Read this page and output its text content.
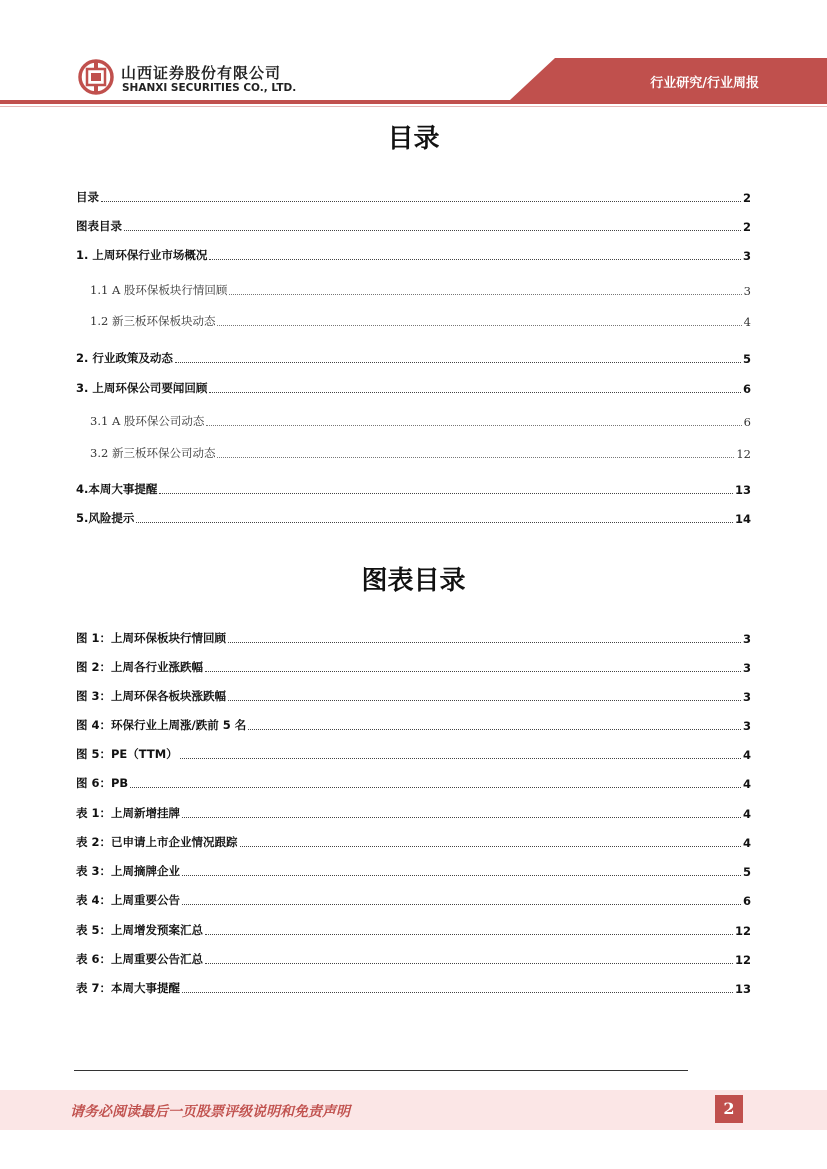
山西证券股份有限公司
SHANXI SECURITIES CO., LTD.	行业研究/行业周报
目录
目录	2
图表目录	2
1. 上周环保行业市场概况	3
1.1 A 股环保板块行情回顾	3
1.2 新三板环保板块动态	4
2. 行业政策及动态	5
3. 上周环保公司要闻回顾	6
3.1 A 股环保公司动态	6
3.2 新三板环保公司动态	12
4.本周大事提醒	13
5.风险提示	14
图表目录
图 1：上周环保板块行情回顾	3
图 2：上周各行业涨跌幅	3
图 3：上周环保各板块涨跌幅	3
图 4：环保行业上周涨/跌前 5 名	3
图 5：PE（TTM）	4
图 6：PB	4
表 1：上周新增挂牌	4
表 2：已申请上市企业情况跟踪	4
表 3：上周摘牌企业	5
表 4：上周重要公告	6
表 5：上周增发预案汇总	12
表 6：上周重要公告汇总	12
表 7：本周大事提醒	13
请务必阅读最后一页股票评级说明和免责声明	2
